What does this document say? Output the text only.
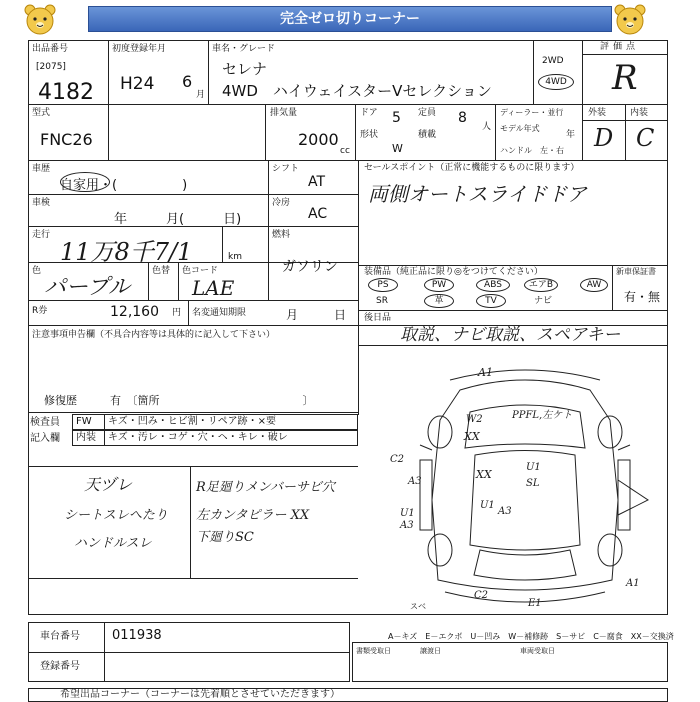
完全ゼロ切りコーナー
出品番号
[2075]
4182
初度登録年月
H24 6
月
車名・グレード
セレナ
4WD　ハイウェイスターVセレクション
2WD
4WD
評価点
R
型式
FNC26
排気量
2000
cc
ドア 5
形状
W
定員 8
人
積載
ディーラー・並行
モデル年式
年
ハンドル 左・右
外装	内装
D C
車歴
自家用・(　　　　　)
車検
年　　　月(　　　日)
走行
11万8千7/1	km
色
パープル
色替 色コード
LAE
シフト
AT
冷房
AC
燃料
ガソリン
R券	12,160 円 名変通知期限	月　　　日
セールスポイント（正常に機能するものに限ります）
両側オートスライドドア
装備品（純正品に限り◎をつけてください）	新車保証書
有・無
PS	PW	ABS	エアB	AW
SR	革	TV	ナビ
後日品
取説、ナビ取説、スペアキー
注意事項申告欄（不具合内容等は具体的に記入して下さい）
修復歴	有　〔箇所　　　　　　　　　　　　　〕
検査員
記入欄
FW キズ・凹み・ヒビ割・リペア跡・×要
内装 キズ・汚レ・コゲ・穴・ヘ・キレ・破レ
天ヅレ
シートスレへたり
ハンドルスレ
R足廻りメンバーサビ穴
左カンタピラー XX
下廻りSC
A1
W2
XX
C2
A3
U1
A3
U1
SL
XX
U1
A3
A1
E1
C2
スベ
PPFL,左ケト
A－キズ　E－エクボ　U－凹み　W－補修跡　S－サビ　C－腐食　XX－交換済
車台番号 011938
登録番号
書類受取日	譲渡日	車両受取日
希望出品コーナー（コーナーは先着順とさせていただきます）
